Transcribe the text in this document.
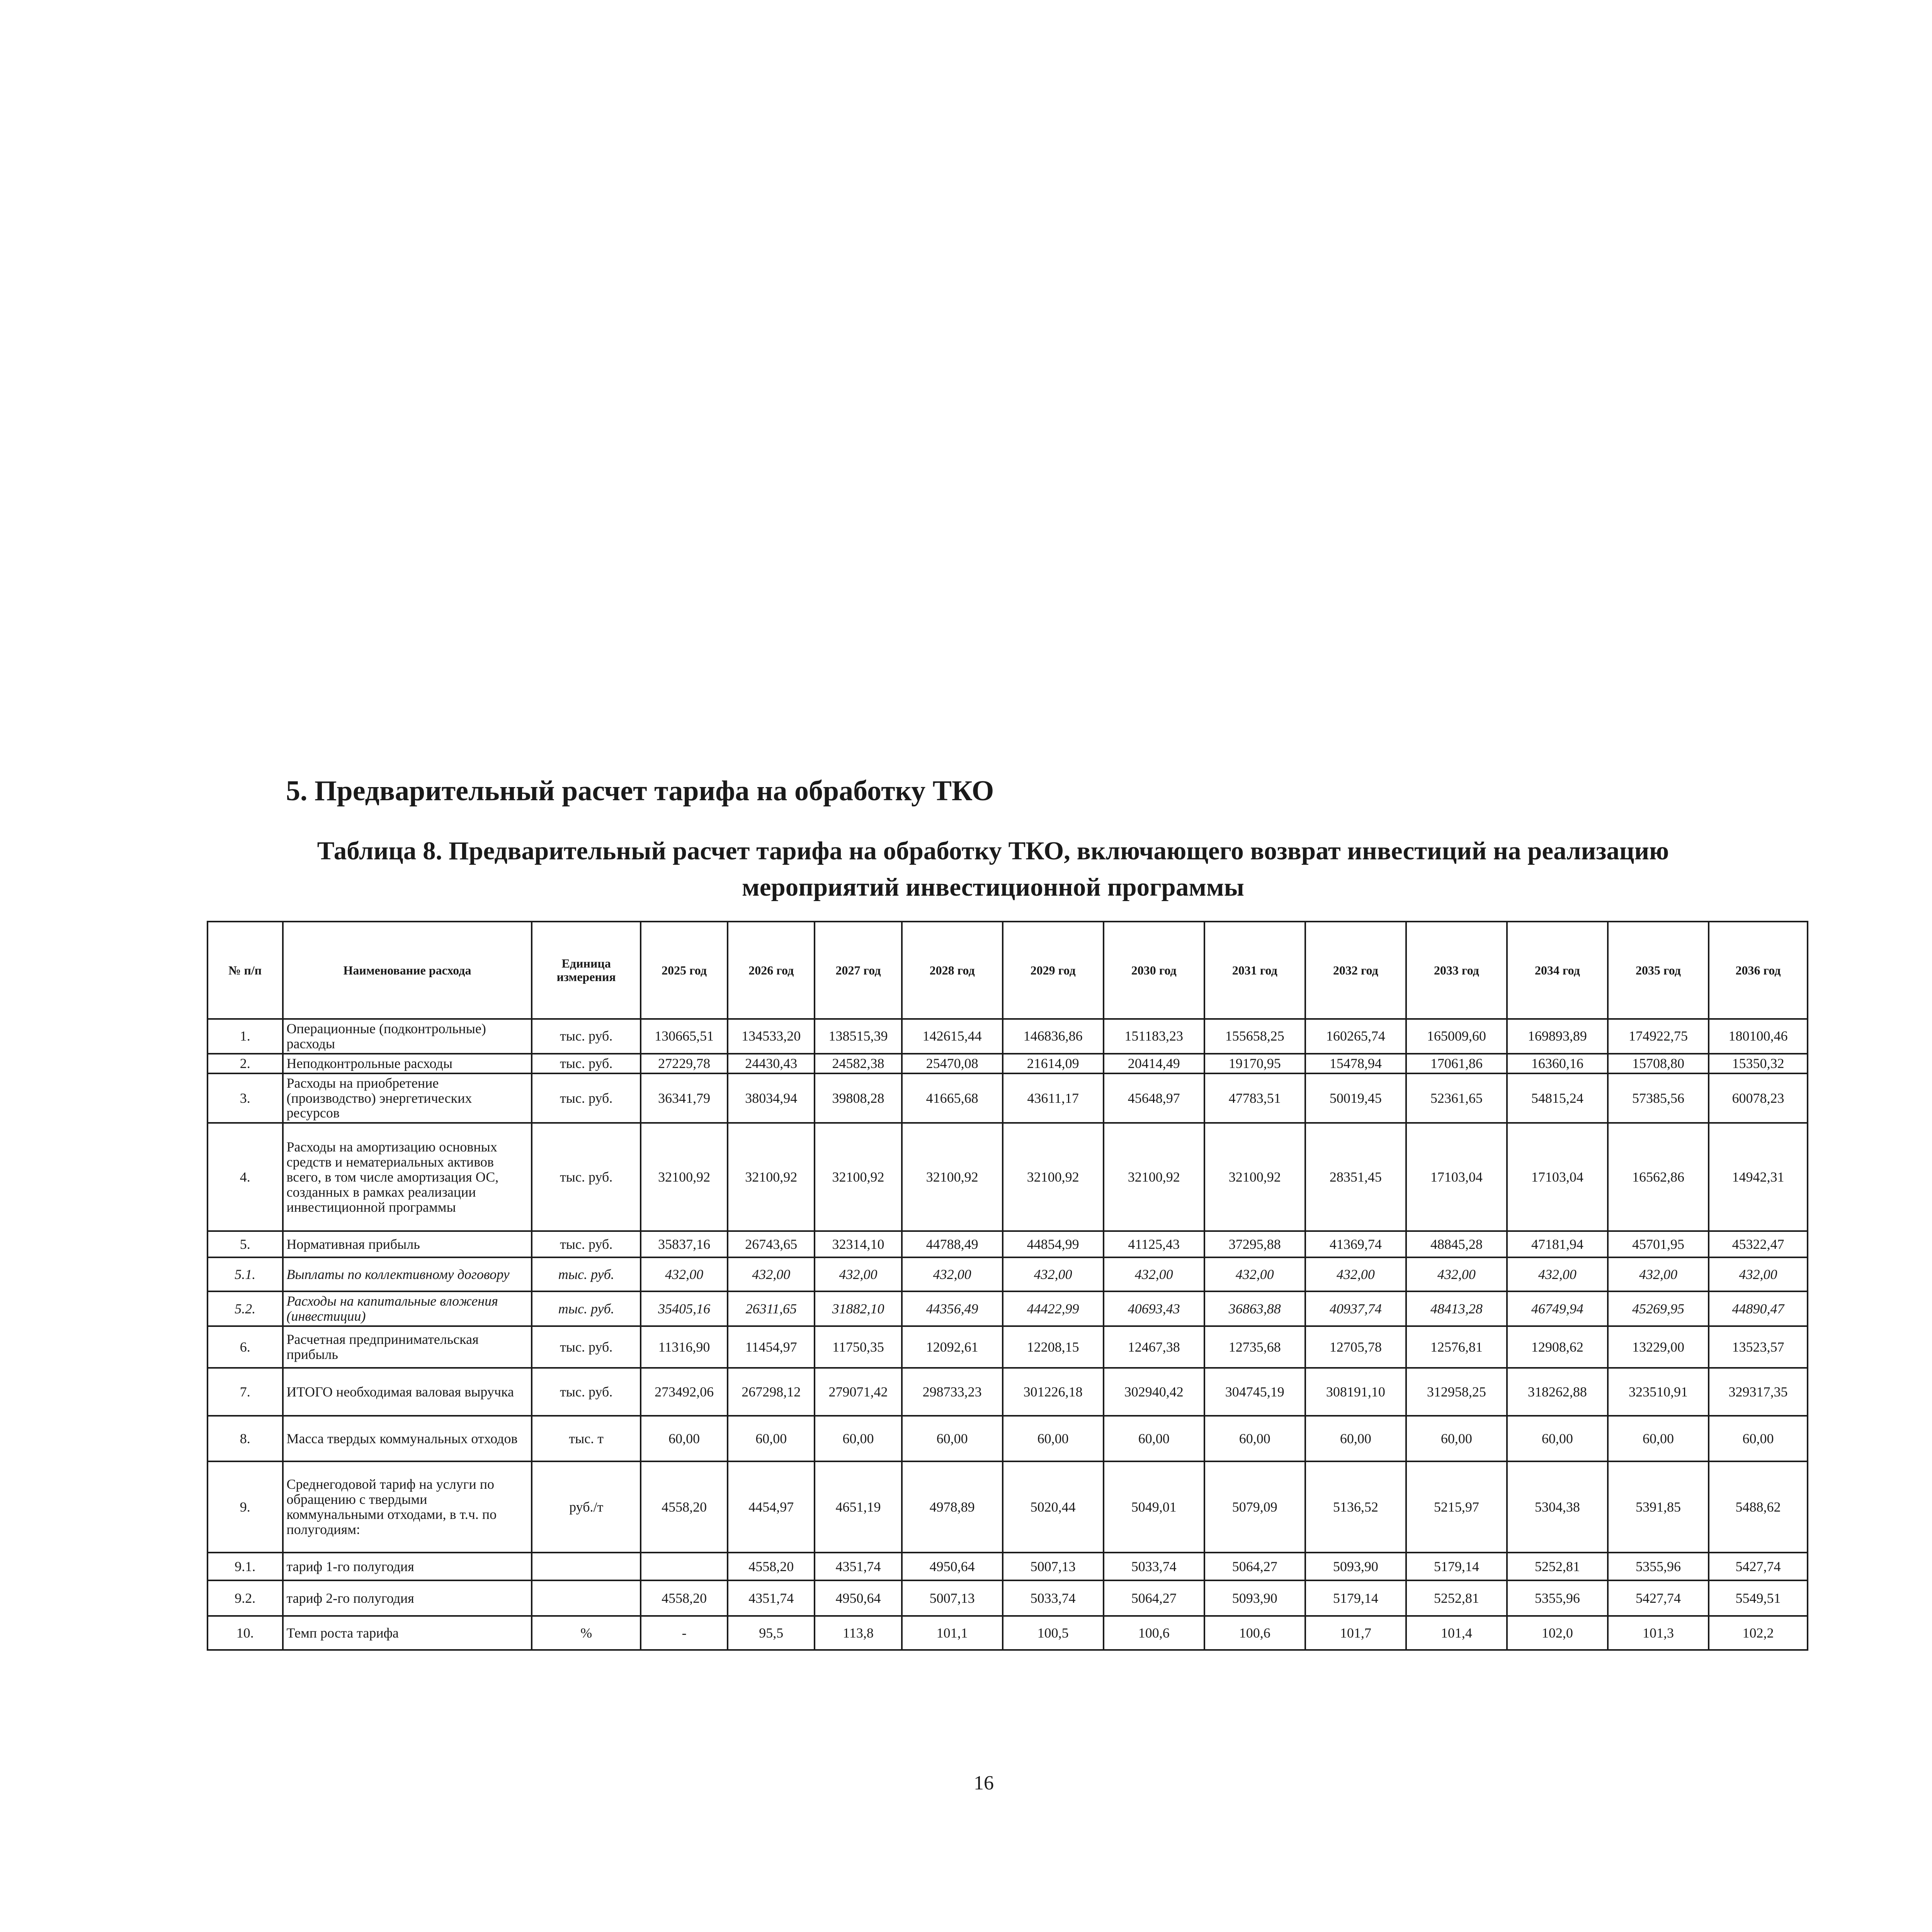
5. Предварительный расчет тарифа на обработку ТКО
Таблица 8. Предварительный расчет тарифа на обработку ТКО, включающего возврат инвестиций на реализацию мероприятий инвестиционной программы
№ п/п	Наименование расхода	Единица измерения	2025 год	2026 год	2027 год	2028 год	2029 год	2030 год	2031 год	2032 год	2033 год	2034 год	2035 год	2036 год
1.	Операционные (подконтрольные) расходы	тыс. руб.	130665,51	134533,20	138515,39	142615,44	146836,86	151183,23	155658,25	160265,74	165009,60	169893,89	174922,75	180100,46
2.	Неподконтрольные расходы	тыс. руб.	27229,78	24430,43	24582,38	25470,08	21614,09	20414,49	19170,95	15478,94	17061,86	16360,16	15708,80	15350,32
3.	Расходы на приобретение (производство) энергетических ресурсов	тыс. руб.	36341,79	38034,94	39808,28	41665,68	43611,17	45648,97	47783,51	50019,45	52361,65	54815,24	57385,56	60078,23
4.	Расходы на амортизацию основных средств и нематериальных активов всего, в том числе амортизация ОС, созданных в рамках реализации инвестиционной программы	тыс. руб.	32100,92	32100,92	32100,92	32100,92	32100,92	32100,92	32100,92	28351,45	17103,04	17103,04	16562,86	14942,31
5.	Нормативная прибыль	тыс. руб.	35837,16	26743,65	32314,10	44788,49	44854,99	41125,43	37295,88	41369,74	48845,28	47181,94	45701,95	45322,47
5.1.	Выплаты по коллективному договору	тыс. руб.	432,00	432,00	432,00	432,00	432,00	432,00	432,00	432,00	432,00	432,00	432,00	432,00
5.2.	Расходы на капитальные вложения (инвестиции)	тыс. руб.	35405,16	26311,65	31882,10	44356,49	44422,99	40693,43	36863,88	40937,74	48413,28	46749,94	45269,95	44890,47
6.	Расчетная предпринимательская прибыль	тыс. руб.	11316,90	11454,97	11750,35	12092,61	12208,15	12467,38	12735,68	12705,78	12576,81	12908,62	13229,00	13523,57
7.	ИТОГО необходимая валовая выручка	тыс. руб.	273492,06	267298,12	279071,42	298733,23	301226,18	302940,42	304745,19	308191,10	312958,25	318262,88	323510,91	329317,35
8.	Масса твердых коммунальных отходов	тыс. т	60,00	60,00	60,00	60,00	60,00	60,00	60,00	60,00	60,00	60,00	60,00	60,00
9.	Среднегодовой тариф на услуги по обращению с твердыми коммунальными отходами, в т.ч. по полугодиям:	руб./т	4558,20	4454,97	4651,19	4978,89	5020,44	5049,01	5079,09	5136,52	5215,97	5304,38	5391,85	5488,62
9.1.	тариф 1-го полугодия			4558,20	4351,74	4950,64	5007,13	5033,74	5064,27	5093,90	5179,14	5252,81	5355,96	5427,74
9.2.	тариф 2-го полугодия		4558,20	4351,74	4950,64	5007,13	5033,74	5064,27	5093,90	5179,14	5252,81	5355,96	5427,74	5549,51
10.	Темп роста тарифа	%	-	95,5	113,8	101,1	100,5	100,6	100,6	101,7	101,4	102,0	101,3	102,2
16
